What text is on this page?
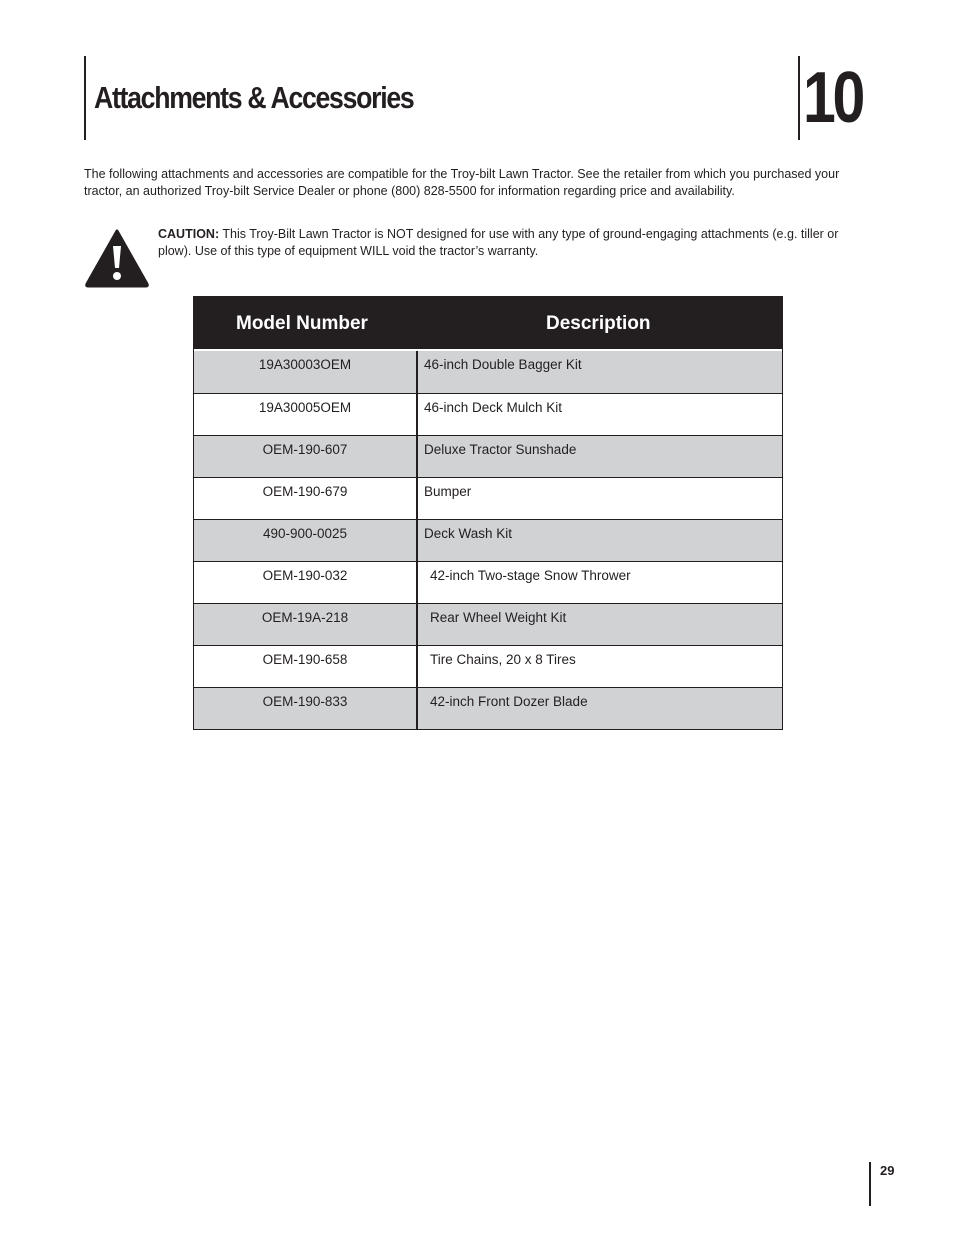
Attachments & Accessories	10

The following attachments and accessories are compatible for the Troy-bilt Lawn Tractor. See the retailer from which you purchased your tractor, an authorized Troy-bilt Service Dealer or phone (800) 828-5500 for information regarding price and availability.

CAUTION: This Troy-Bilt Lawn Tractor is NOT designed for use with any type of ground-engaging attachments (e.g. tiller or plow). Use of this type of equipment WILL void the tractor’s warranty.

Model Number	Description
19A30003OEM	46-inch Double Bagger Kit
19A30005OEM	46-inch Deck Mulch Kit
OEM-190-607	Deluxe Tractor Sunshade
OEM-190-679	Bumper
490-900-0025	Deck Wash Kit
OEM-190-032	42-inch Two-stage Snow Thrower
OEM-19A-218	Rear Wheel Weight Kit
OEM-190-658	Tire Chains, 20 x 8 Tires
OEM-190-833	42-inch Front Dozer Blade
29
